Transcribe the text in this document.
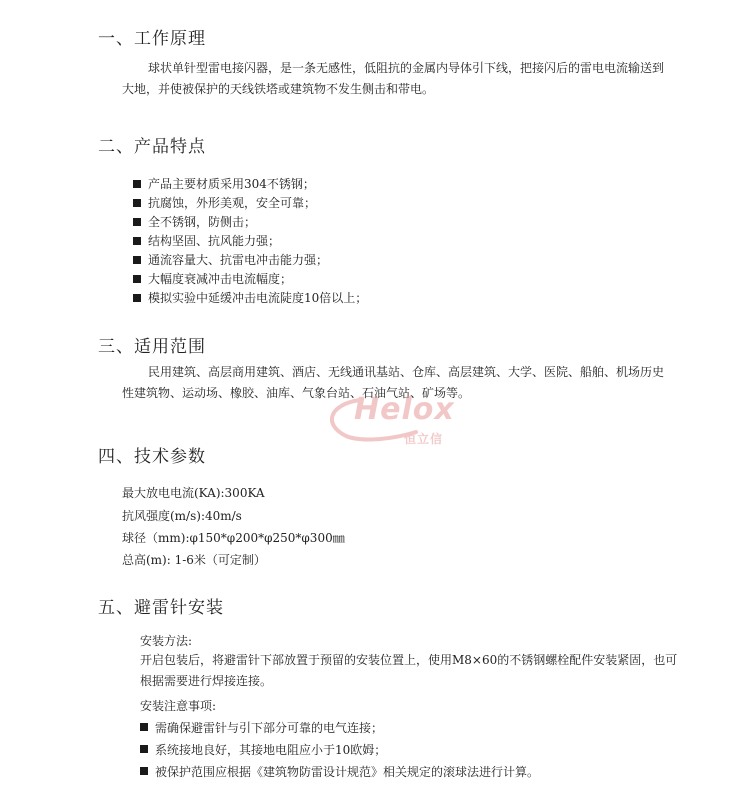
一、工作原理
球状单针型雷电接闪器，是一条无感性，低阻抗的金属内导体引下线，把接闪后的雷电电流输送到大地，并使被保护的天线铁塔或建筑物不发生侧击和带电。
二、产品特点
产品主要材质采用304不锈钢；
抗腐蚀，外形美观，安全可靠；
全不锈钢，防侧击；
结构坚固、抗风能力强；
通流容量大、抗雷电冲击能力强；
大幅度衰减冲击电流幅度；
模拟实验中延缓冲击电流陡度10倍以上；
三、适用范围
民用建筑、高层商用建筑、酒店、无线通讯基站、仓库、高层建筑、大学、医院、船舶、机场历史性建筑物、运动场、橡胶、油库、气象台站、石油气站、矿场等。
Helox
恒立信
四、技术参数
最大放电电流(KA):300KA
抗风强度(m/s):40m/s
球径（mm):φ150*φ200*φ250*φ300㎜
总高(m): 1-6米（可定制）
五、避雷针安装
安装方法:
开启包装后，将避雷针下部放置于预留的安装位置上，使用M8×60的不锈钢螺栓配件安装紧固，也可根据需要进行焊接连接。
安装注意事项:
需确保避雷针与引下部分可靠的电气连接；
系统接地良好，其接地电阻应小于10欧姆；
被保护范围应根据《建筑物防雷设计规范》相关规定的滚球法进行计算。
